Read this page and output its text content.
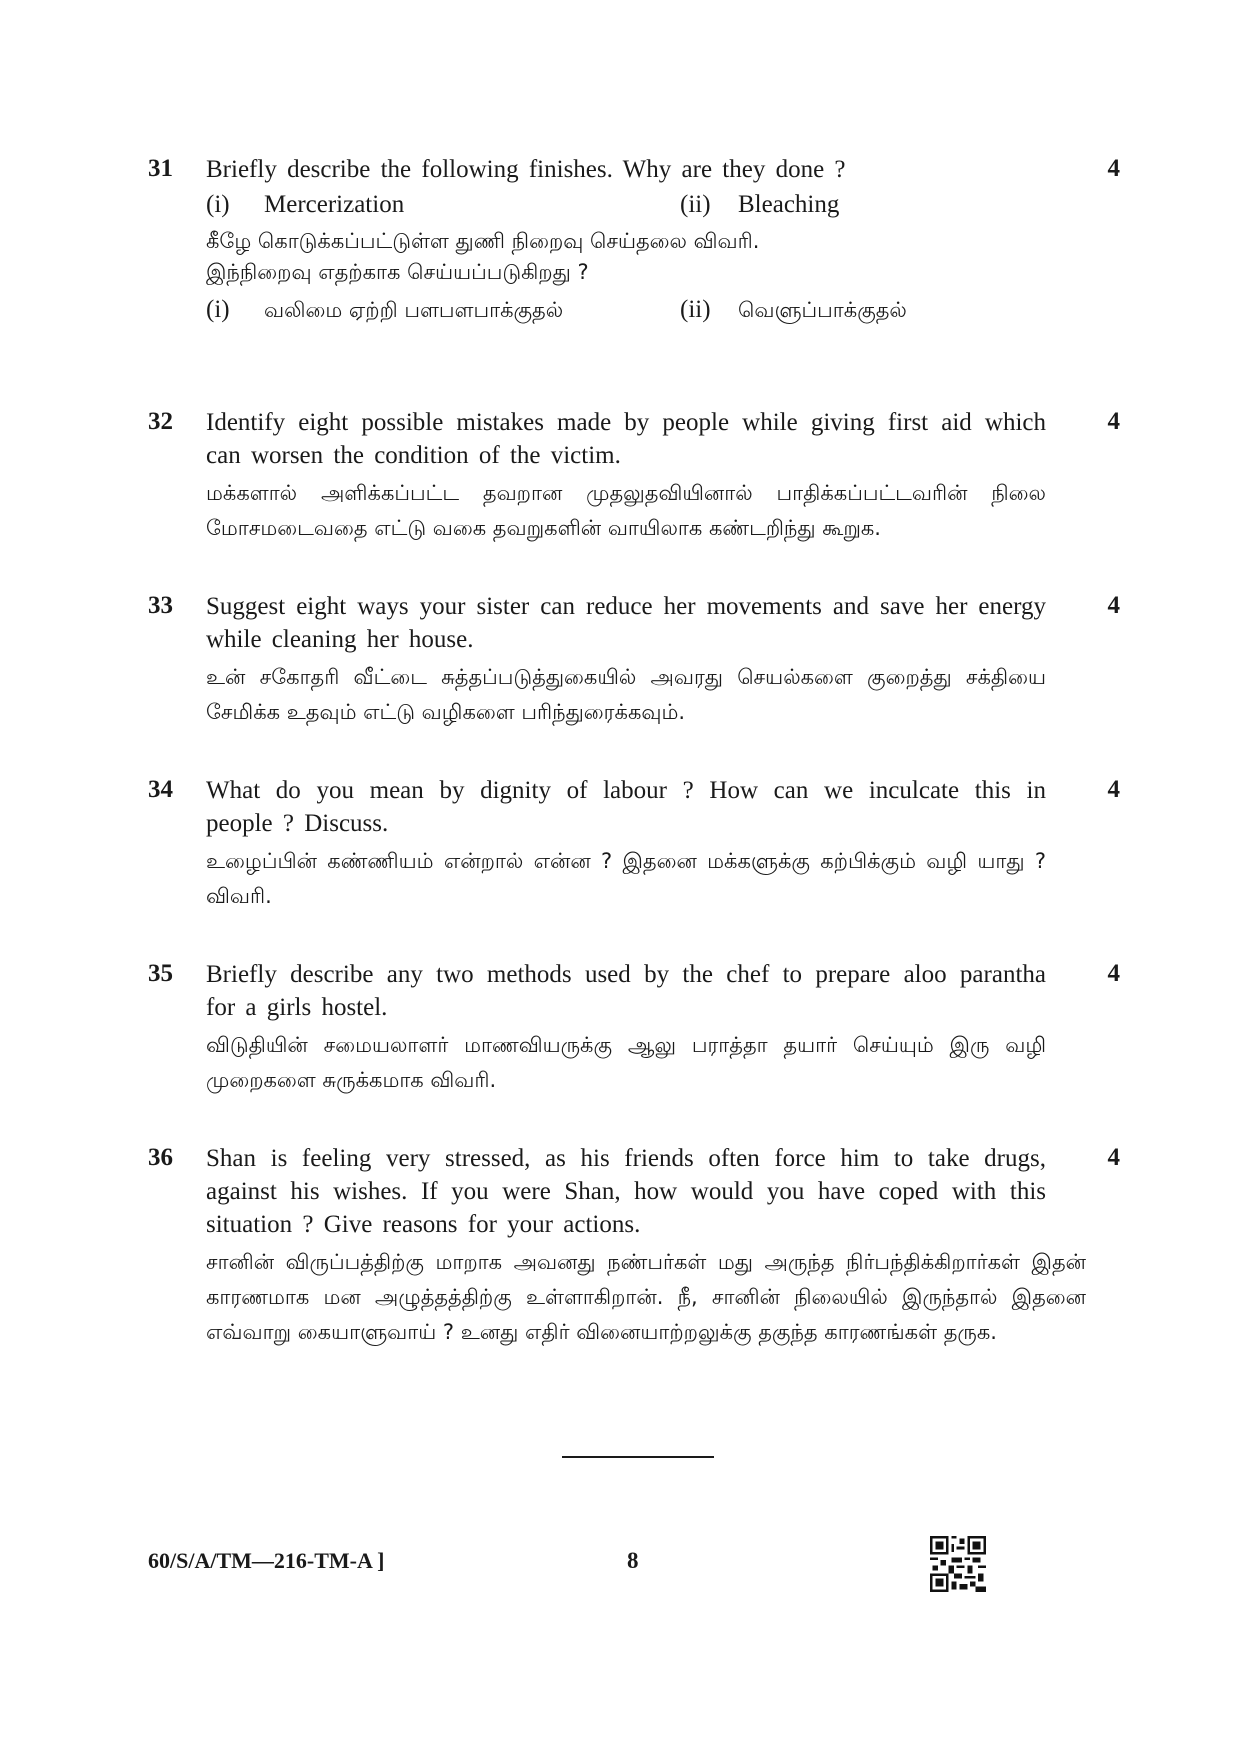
31 Briefly describe the following finishes. Why are they done ?
(i)	Mercerization	(ii)	Bleaching
கீழே கொடுக்கப்பட்டுள்ள துணி நிறைவு செய்தலை விவரி.
இந்நிறைவு எதற்காக செய்யப்படுகிறது ?
(i)	வலிமை ஏற்றி பளபளபாக்குதல்	(ii)	வெளுப்பாக்குதல்
4
32 Identify eight possible mistakes made by people while giving first aid which can worsen the condition of the victim.
மக்களால் அளிக்கப்பட்ட தவறான முதலுதவியினால் பாதிக்கப்பட்டவரின் நிலை மோசமடைவதை எட்டு வகை தவறுகளின் வாயிலாக கண்டறிந்து கூறுக.
4
33 Suggest eight ways your sister can reduce her movements and save her energy while cleaning her house.
உன் சகோதரி வீட்டை சுத்தப்படுத்துகையில் அவரது செயல்களை குறைத்து சக்தியை சேமிக்க உதவும் எட்டு வழிகளை பரிந்துரைக்கவும்.
4
34 What do you mean by dignity of labour ? How can we inculcate this in people ? Discuss.
உழைப்பின் கண்ணியம் என்றால் என்ன ? இதனை மக்களுக்கு கற்பிக்கும் வழி யாது ? விவரி.
4
35 Briefly describe any two methods used by the chef to prepare aloo parantha for a girls hostel.
விடுதியின் சமையலாளர் மாணவியருக்கு ஆலு பராத்தா தயார் செய்யும் இரு வழி முறைகளை சுருக்கமாக விவரி.
4
36 Shan is feeling very stressed, as his friends often force him to take drugs, against his wishes. If you were Shan, how would you have coped with this situation ? Give reasons for your actions.
சானின் விருப்பத்திற்கு மாறாக அவனது நண்பர்கள் மது அருந்த நிர்பந்திக்கிறார்கள் இதன் காரணமாக மன அழுத்தத்திற்கு உள்ளாகிறான். நீ, சானின் நிலையில் இருந்தால் இதனை எவ்வாறு கையாளுவாய் ? உனது எதிர் வினையாற்றலுக்கு தகுந்த காரணங்கள் தருக.
4
60/S/A/TM—216-TM-A ]	8
